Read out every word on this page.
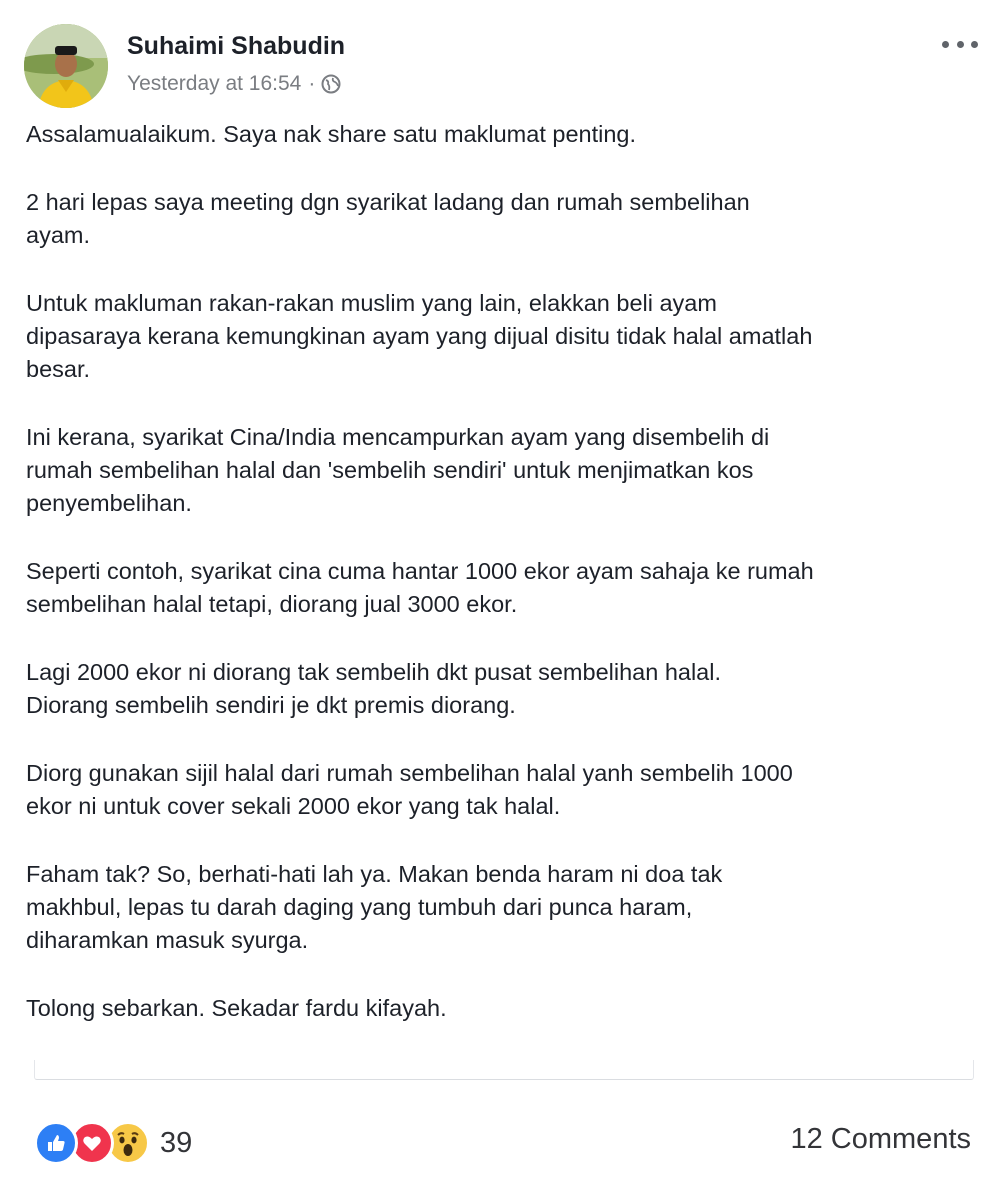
Suhaimi Shabudin
Yesterday at 16:54 ·

Assalamualaikum. Saya nak share satu maklumat penting.

2 hari lepas saya meeting dgn syarikat ladang dan rumah sembelihan
ayam.

Untuk makluman rakan-rakan muslim yang lain, elakkan beli ayam
dipasaraya kerana kemungkinan ayam yang dijual disitu tidak halal amatlah
besar.

Ini kerana, syarikat Cina/India mencampurkan ayam yang disembelih di
rumah sembelihan halal dan 'sembelih sendiri' untuk menjimatkan kos
penyembelihan.

Seperti contoh, syarikat cina cuma hantar 1000 ekor ayam sahaja ke rumah
sembelihan halal tetapi, diorang jual 3000 ekor.

Lagi 2000 ekor ni diorang tak sembelih dkt pusat sembelihan halal.
Diorang sembelih sendiri je dkt premis diorang.

Diorg gunakan sijil halal dari rumah sembelihan halal yanh sembelih 1000
ekor ni untuk cover sekali 2000 ekor yang tak halal.

Faham tak? So, berhati-hati lah ya. Makan benda haram ni doa tak
makhbul, lepas tu darah daging yang tumbuh dari punca haram,
diharamkan masuk syurga.

Tolong sebarkan. Sekadar fardu kifayah.

39	12 Comments
